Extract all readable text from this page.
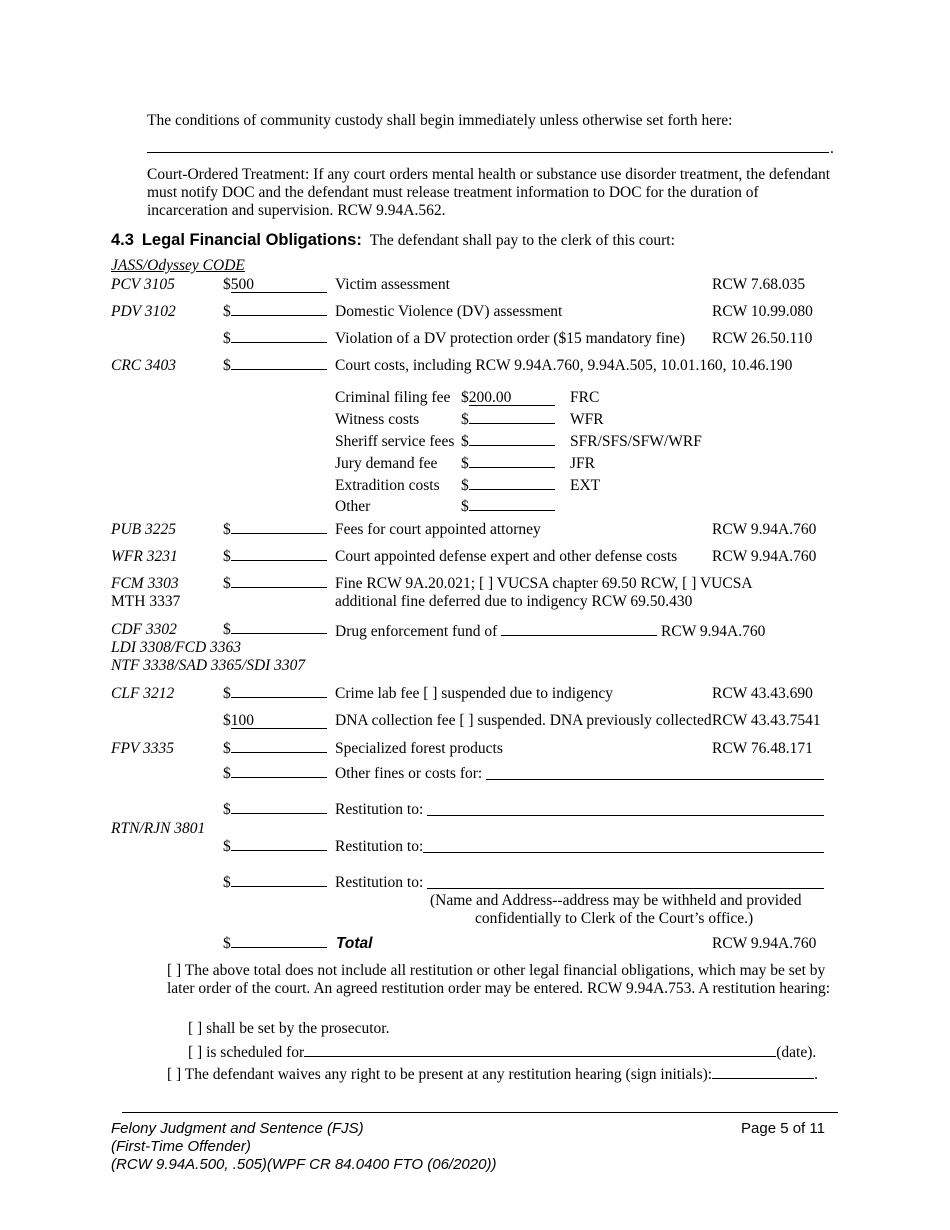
The conditions of community custody shall begin immediately unless otherwise set forth here:
.
Court-Ordered Treatment: If any court orders mental health or substance use disorder treatment, the defendant must notify DOC and the defendant must release treatment information to DOC for the duration of incarceration and supervision. RCW 9.94A.562.
4.3 Legal Financial Obligations: The defendant shall pay to the clerk of this court:
JASS/Odyssey CODE
PCV 3105	$500	Victim assessment	RCW 7.68.035
PDV 3102	$	Domestic Violence (DV) assessment	RCW 10.99.080
$	Violation of a DV protection order ($15 mandatory fine) RCW 26.50.110
CRC 3403	$	Court costs, including RCW 9.94A.760, 9.94A.505, 10.01.160, 10.46.190
Criminal filing fee $200.00	FRC
Witness costs	$	WFR
Sheriff service fees $	SFR/SFS/SFW/WRF
Jury demand fee $	JFR
Extradition costs $	EXT
Other	$
PUB 3225	$	Fees for court appointed attorney	RCW 9.94A.760
WFR 3231	$	Court appointed defense expert and other defense costs RCW 9.94A.760
FCM 3303
MTH 3337
$	Fine RCW 9A.20.021; [ ] VUCSA chapter 69.50 RCW, [ ] VUCSA
additional fine deferred due to indigency RCW 69.50.430
CDF 3302
LDI 3308/FCD 3363
NTF 3338/SAD 3365/SDI 3307
$	Drug enforcement fund of	RCW 9.94A.760
CLF 3212	$	Crime lab fee [ ] suspended due to indigency	RCW 43.43.690
$100	DNA collection fee [ ] suspended. DNA previously collected RCW 43.43.7541
FPV 3335	$	Specialized forest products	RCW 76.48.171
$	Other fines or costs for:
RTN/RJN 3801
$	Restitution to:
$	Restitution to:
$	Restitution to:
(Name and Address--address may be withheld and provided
confidentially to Clerk of the Court’s office.)
$	Total	RCW 9.94A.760
[ ] The above total does not include all restitution or other legal financial obligations, which may be set by later order of the court. An agreed restitution order may be entered. RCW 9.94A.753. A restitution hearing:
[ ] shall be set by the prosecutor.
[ ] is scheduled for	(date).
[ ] The defendant waives any right to be present at any restitution hearing (sign initials):	.
Felony Judgment and Sentence (FJS)
(First-Time Offender)
(RCW 9.94A.500, .505)(WPF CR 84.0400 FTO (06/2020))
Page 5 of 11
